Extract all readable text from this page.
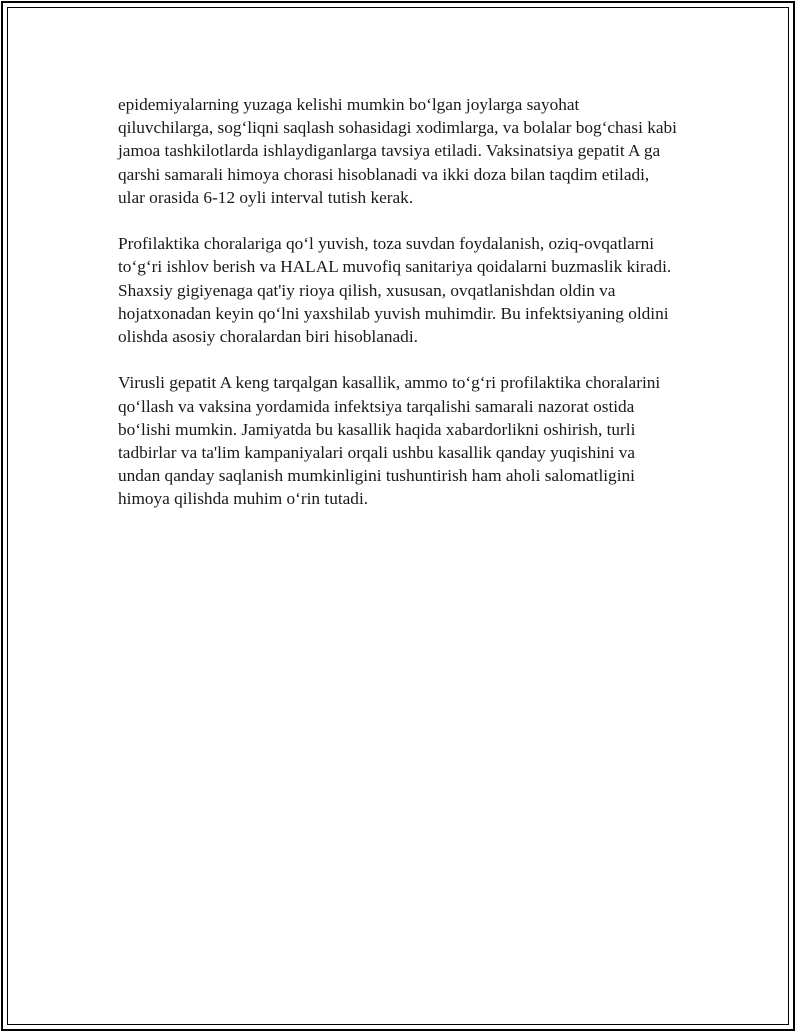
epidemiyalarning yuzaga kelishi mumkin bo‘lgan joylarga sayohat qiluvchilarga, sog‘liqni saqlash sohasidagi xodimlarga, va bolalar bog‘chasi kabi jamoa tashkilotlarda ishlaydiganlarga tavsiya etiladi. Vaksinatsiya gepatit A ga qarshi samarali himoya chorasi hisoblanadi va ikki doza bilan taqdim etiladi, ular orasida 6-12 oyli interval tutish kerak.

Profilaktika choralariga qo‘l yuvish, toza suvdan foydalanish, oziq-ovqatlarni to‘g‘ri ishlov berish va HALAL muvofiq sanitariya qoidalarni buzmaslik kiradi. Shaxsiy gigiyenaga qat'iy rioya qilish, xususan, ovqatlanishdan oldin va hojatxonadan keyin qo‘lni yaxshilab yuvish muhimdir. Bu infektsiyaning oldini olishda asosiy choralardan biri hisoblanadi.

Virusli gepatit A keng tarqalgan kasallik, ammo to‘g‘ri profilaktika choralarini qo‘llash va vaksina yordamida infektsiya tarqalishi samarali nazorat ostida bo‘lishi mumkin. Jamiyatda bu kasallik haqida xabardorlikni oshirish, turli tadbirlar va ta'lim kampaniyalari orqali ushbu kasallik qanday yuqishini va undan qanday saqlanish mumkinligini tushuntirish ham aholi salomatligini himoya qilishda muhim o‘rin tutadi.
